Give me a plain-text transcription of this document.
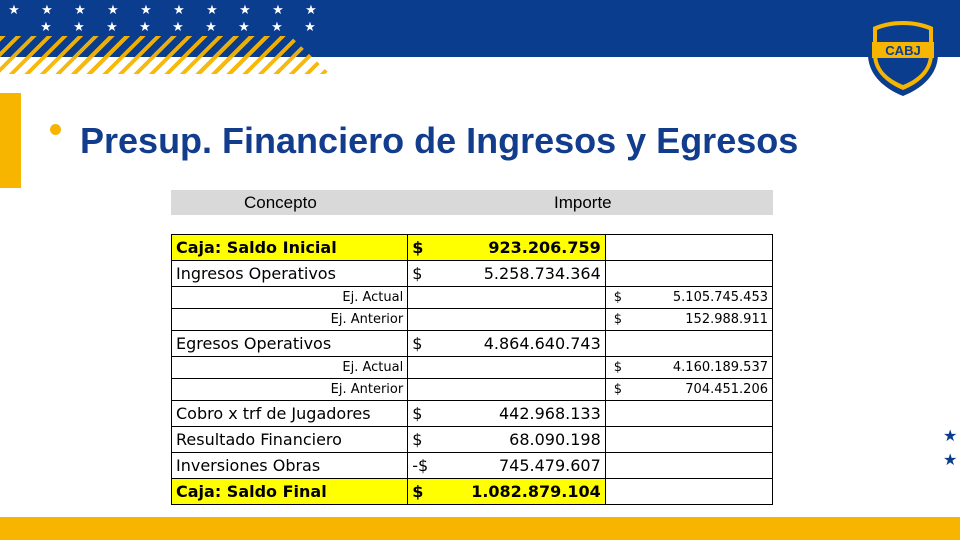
★ ★ ★ ★ ★ ★ ★ ★ ★ ★
★ ★ ★ ★ ★ ★ ★ ★ ★
★
★
CABJ
Presup. Financiero de Ingresos y Egresos
Concepto	Importe
Caja: Saldo Inicial	$ 923.206.759	

Ingresos Operativos	$ 5.258.734.364	

Ej. Actual		$ 5.105.745.453

Ej. Anterior		$ 152.988.911

Egresos Operativos	$ 4.864.640.743	

Ej. Actual		$ 4.160.189.537

Ej. Anterior		$ 704.451.206

Cobro x trf de Jugadores	$ 442.968.133	

Resultado Financiero	$ 68.090.198	

Inversiones Obras	-$ 745.479.607	

Caja: Saldo Final	$ 1.082.879.104	
